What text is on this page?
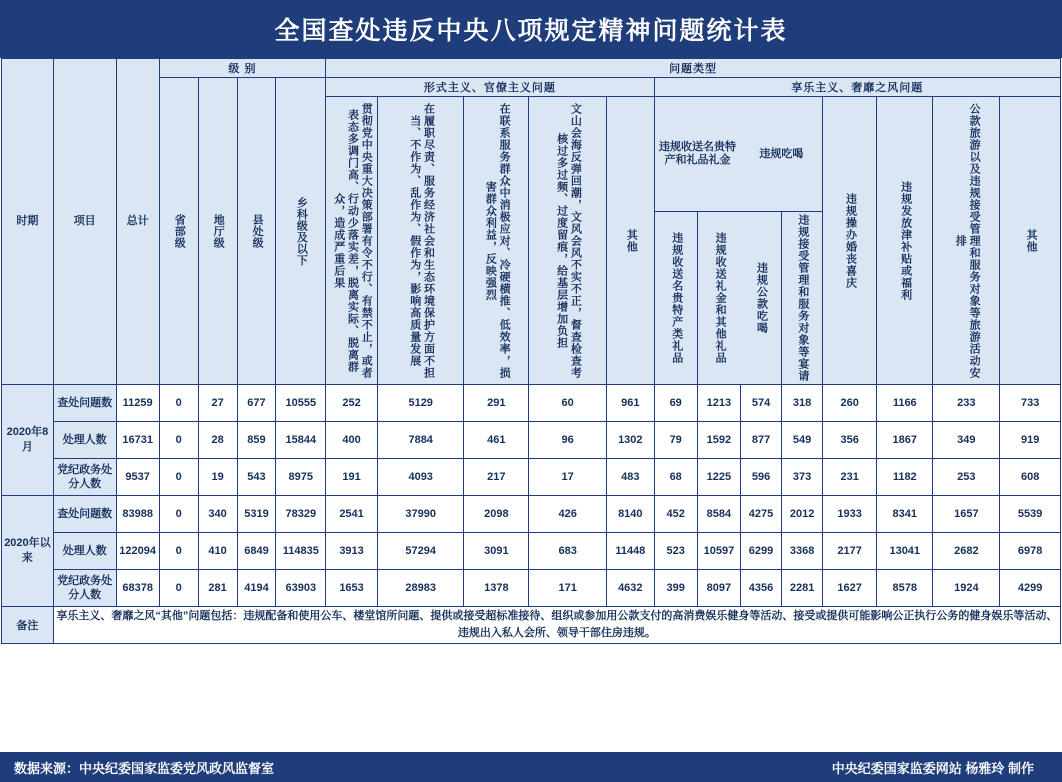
全国查处违反中央八项规定精神问题统计表
时期	项目	总计	级 别	问题类型
省部级	地厅级	县处级	乡科级及以下	形式主义、官僚主义问题	享乐主义、奢靡之风问题
贯彻党中央重大决策部署有令不行、有禁不止，或者表态多调门高、行动少落实差，脱离实际、脱离群众，造成严重后果	在履职尽责、服务经济社会和生态环境保护方面不担当、不作为、乱作为、假作为，影响高质量发展	在联系服务群众中消极应对、冷硬横推、低效率，损害群众利益，反映强烈	文山会海反弹回潮，文风会风不实不正，督查检查考核过多过频、过度留痕，给基层增加负担	其他	
违规收送名贵特产和礼品礼金
违规收送名贵特产类礼品	违规收送礼金和其他礼品

违规吃喝
违规公款吃喝	违规接受管理和服务对象等宴请
		违规操办婚丧喜庆	违规发放津补贴或福利	公款旅游以及违规接受管理和服务对象等旅游活动安排	其他
2020年8月	查处问题数	11259	0	27	677	10555	252	5129	291	60	961	69	1213	574	318	260	1166	233	733
处理人数	16731	0	28	859	15844	400	7884	461	96	1302	79	1592	877	549	356	1867	349	919
党纪政务处分人数	9537	0	19	543	8975	191	4093	217	17	483	68	1225	596	373	231	1182	253	608
2020年以来	查处问题数	83988	0	340	5319	78329	2541	37990	2098	426	8140	452	8584	4275	2012	1933	8341	1657	5539
处理人数	122094	0	410	6849	114835	3913	57294	3091	683	11448	523	10597	6299	3368	2177	13041	2682	6978
党纪政务处分人数	68378	0	281	4194	63903	1653	28983	1378	171	4632	399	8097	4356	2281	1627	8578	1924	4299
备注	享乐主义、奢靡之风“其他”问题包括：违规配备和使用公车、楼堂馆所问题、提供或接受超标准接待、组织或参加用公款支付的高消费娱乐健身等活动、接受或提供可能影响公正执行公务的健身娱乐等活动、违规出入私人会所、领导干部住房违规。
数据来源：中央纪委国家监委党风政风监督室	中央纪委国家监委网站 杨雅玲 制作
